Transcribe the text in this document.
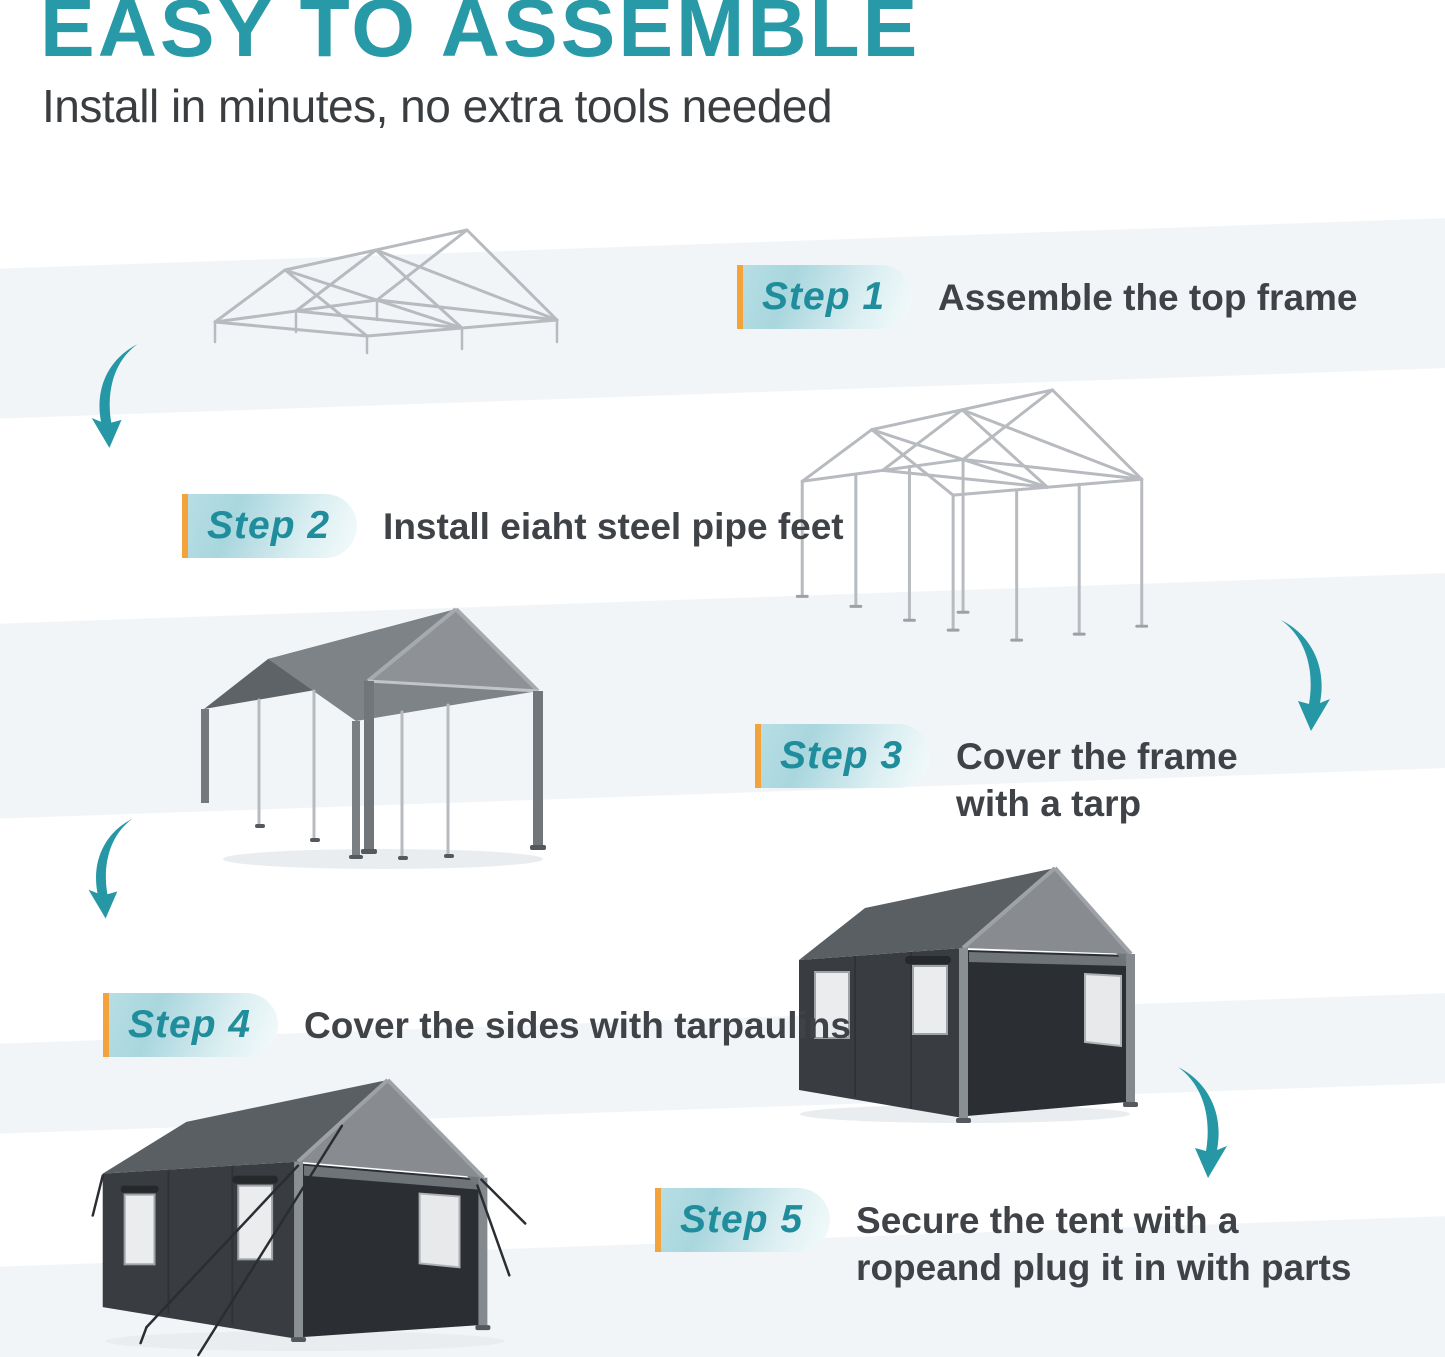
EASY TO ASSEMBLE
Install in minutes, no extra tools needed
Step 1 Assemble the top frame
Step 2 Install eiaht steel pipe feet
Step 3 Cover the frame
with a tarp
Step 4 Cover the sides with tarpaulins
Step 5 Secure the tent with a
ropeand plug it in with parts
